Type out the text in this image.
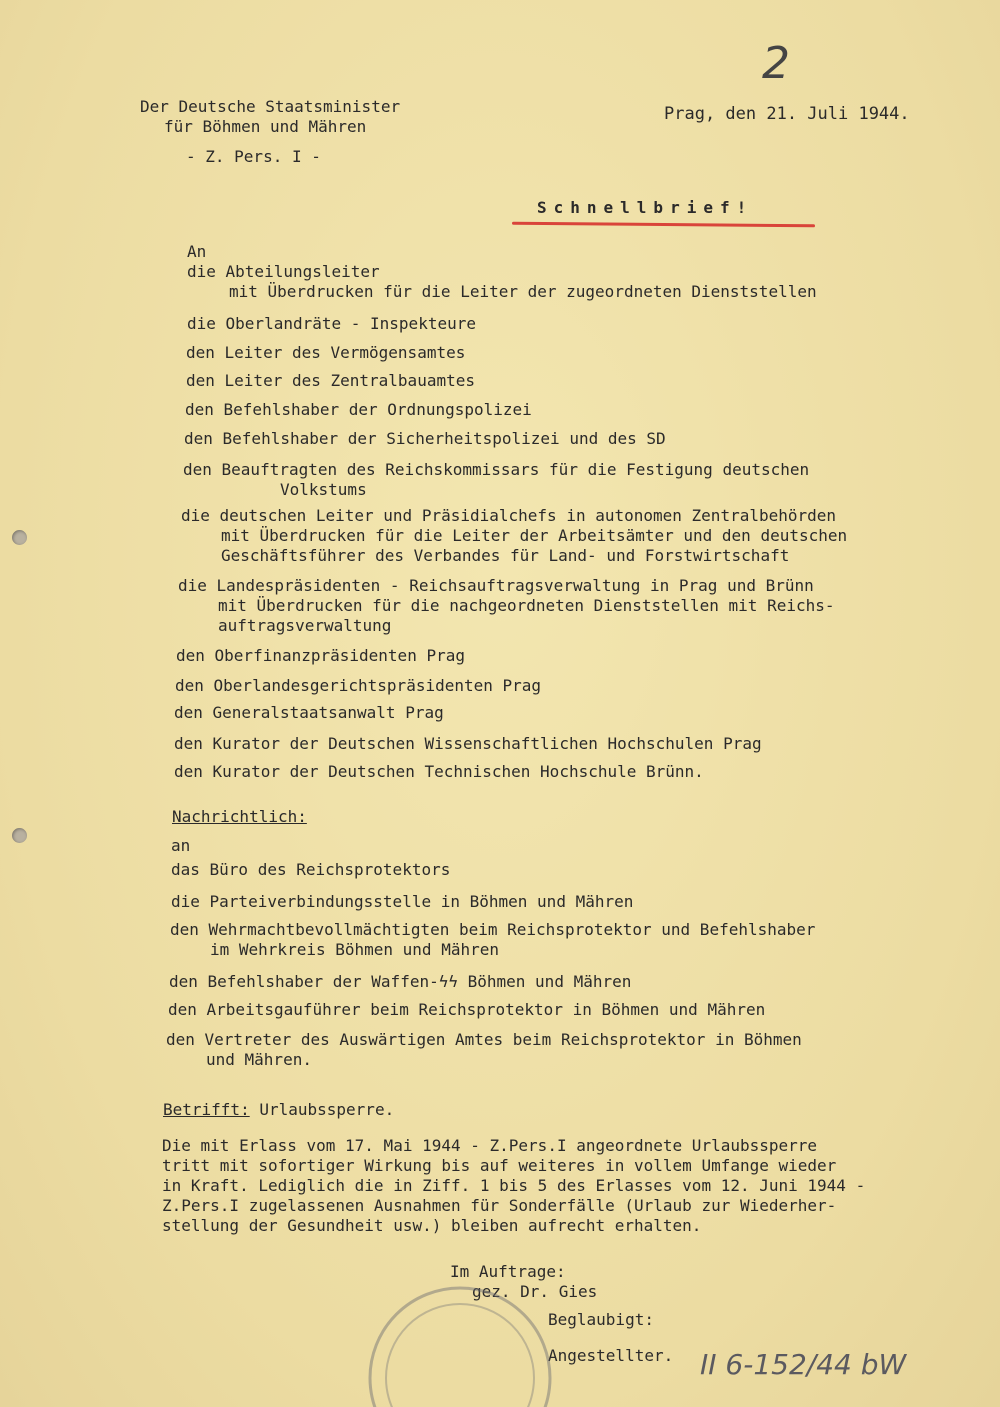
2
Der Deutsche Staatsminister
für Böhmen und Mähren
- Z. Pers. I -
Prag, den 21. Juli 1944.
Schnellbrief!
An
die Abteilungsleiter
mit Überdrucken für die Leiter der zugeordneten Dienststellen
die Oberlandräte - Inspekteure
den Leiter des Vermögensamtes
den Leiter des Zentralbauamtes
den Befehlshaber der Ordnungspolizei
den Befehlshaber der Sicherheitspolizei und des SD
den Beauftragten des Reichskommissars für die Festigung deutschen
Volkstums
die deutschen Leiter und Präsidialchefs in autonomen Zentralbehörden
mit Überdrucken für die Leiter der Arbeitsämter und den deutschen
Geschäftsführer des Verbandes für Land- und Forstwirtschaft
die Landespräsidenten - Reichsauftragsverwaltung in Prag und Brünn
mit Überdrucken für die nachgeordneten Dienststellen mit Reichs-
auftragsverwaltung
den Oberfinanzpräsidenten Prag
den Oberlandesgerichtspräsidenten Prag
den Generalstaatsanwalt Prag
den Kurator der Deutschen Wissenschaftlichen Hochschulen Prag
den Kurator der Deutschen Technischen Hochschule Brünn.
Nachrichtlich:
an
das Büro des Reichsprotektors
die Parteiverbindungsstelle in Böhmen und Mähren
den Wehrmachtbevollmächtigten beim Reichsprotektor und Befehlshaber
im Wehrkreis Böhmen und Mähren
den Befehlshaber der Waffen-ϟϟ Böhmen und Mähren
den Arbeitsgauführer beim Reichsprotektor in Böhmen und Mähren
den Vertreter des Auswärtigen Amtes beim Reichsprotektor in Böhmen
und Mähren.
Betrifft: Urlaubssperre.
Die mit Erlass vom 17. Mai 1944 - Z.Pers.I angeordnete Urlaubssperre
tritt mit sofortiger Wirkung bis auf weiteres in vollem Umfange wieder
in Kraft. Lediglich die in Ziff. 1 bis 5 des Erlasses vom 12. Juni 1944 -
Z.Pers.I zugelassenen Ausnahmen für Sonderfälle (Urlaub zur Wiederher-
stellung der Gesundheit usw.) bleiben aufrecht erhalten.
Im Auftrage:
gez. Dr. Gies
Beglaubigt:
Angestellter. II 6-152/44 bW
